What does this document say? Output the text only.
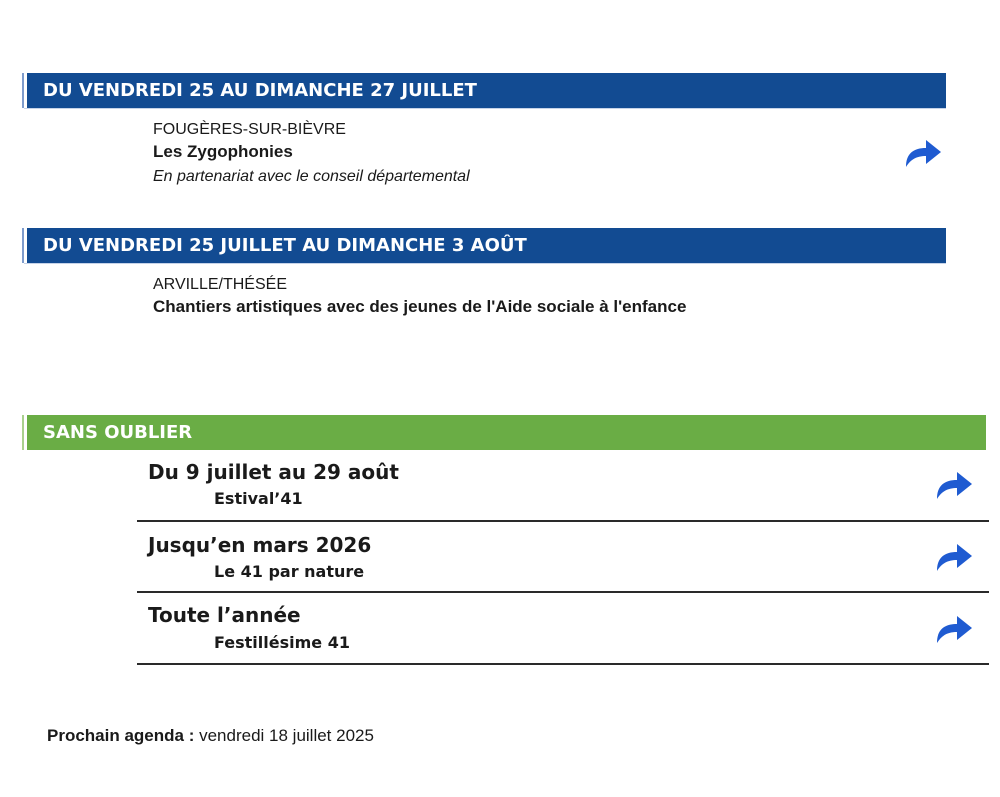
DU VENDREDI 25 AU DIMANCHE 27 JUILLET
FOUGÈRES-SUR-BIÈVRE
Les Zygophonies
En partenariat avec le conseil départemental
DU VENDREDI 25 JUILLET AU DIMANCHE 3 AOÛT
ARVILLE/THÉSÉE
Chantiers artistiques avec des jeunes de l'Aide sociale à l'enfance
SANS OUBLIER
Du 9 juillet au 29 août
Estival’41
Jusqu’en mars 2026
Le 41 par nature
Toute l’année
Festillésime 41
Prochain agenda : vendredi 18 juillet 2025
